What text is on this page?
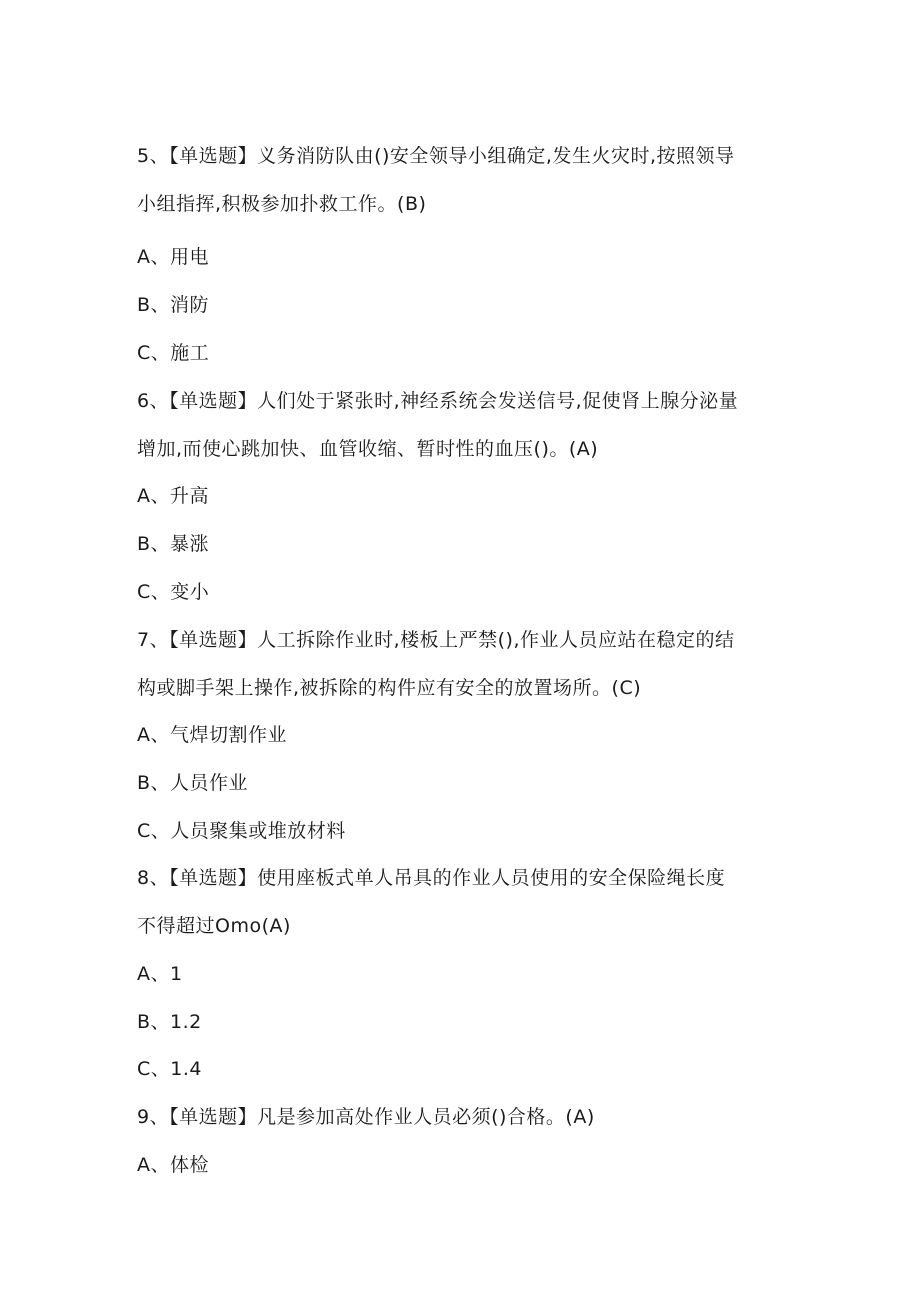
5、【单选题】义务消防队由()安全领导小组确定,发生火灾时,按照领导
小组指挥,积极参加扑救工作。(B)
A、用电
B、消防
C、施工
6、【单选题】人们处于紧张时,神经系统会发送信号,促使肾上腺分泌量
增加,而使心跳加快、血管收缩、暂时性的血压()。(A)
A、升高
B、暴涨
C、变小
7、【单选题】人工拆除作业时,楼板上严禁(),作业人员应站在稳定的结
构或脚手架上操作,被拆除的构件应有安全的放置场所。(C)
A、气焊切割作业
B、人员作业
C、人员聚集或堆放材料
8、【单选题】使用座板式单人吊具的作业人员使用的安全保险绳长度
不得超过Omo(A)
A、1
B、1.2
C、1.4
9、【单选题】凡是参加高处作业人员必须()合格。(A)
A、体检
